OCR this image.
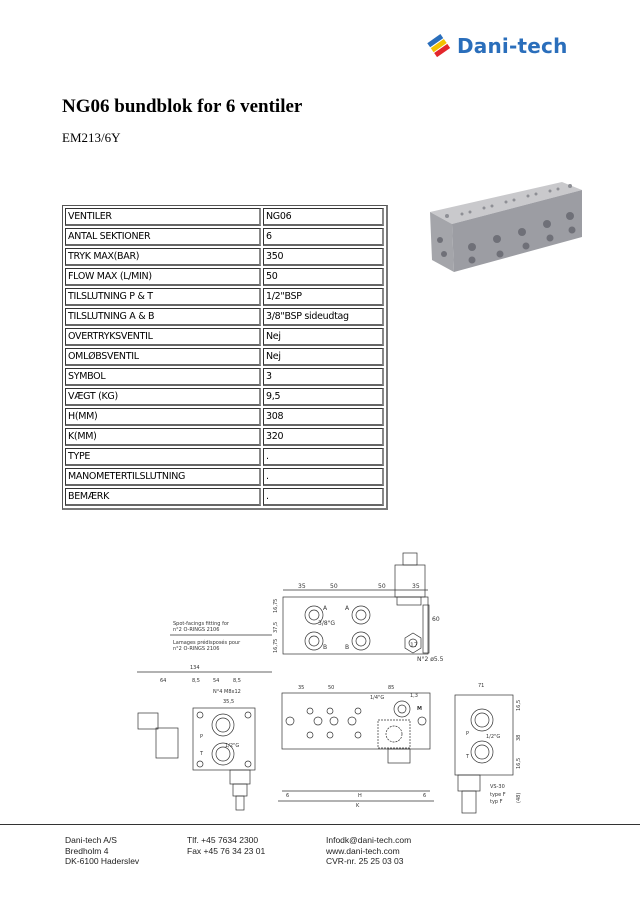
Dani-tech
NG06 bundblok for 6 ventiler
EM213/6Y
VENTILER	NG06
ANTAL SEKTIONER	6
TRYK MAX(BAR)	350
FLOW MAX (L/MIN)	50
TILSLUTNING P & T	1/2"BSP
TILSLUTNING A & B	3/8"BSP sideudtag
OVERTRYKSVENTIL	Nej
OMLØBSVENTIL	Nej
SYMBOL	3
VÆGT (KG)	9,5
H(MM)	308
K(MM)	320
TYPE	.
MANOMETERTILSLUTNING	.
BEMÆRK	.
35	50	50	35
3/8"G
A	A
B	B	17
60
N°2 ø5.5
16,75
37,5
16,75
Spot-facings fitting for
n°2 O-RINGS 2106
Lamages prédisposés pour
n°2 O-RINGS 2106
134
64	8,5	54	8,5
N°4 M8x12
35,5
1/2"G
P
T
35	50	85
1,3
1/4"G
M
H
K
6	6
71
P
T
1/2"G
VS-30
type F
typ F
16,5
38
16,5
(48)
Dani-tech A/S
Bredholm 4
DK-6100 Haderslev
Tlf. +45 7634 2300
Fax +45 76 34 23 01
Infodk@dani-tech.com
www.dani-tech.com
CVR-nr. 25 25 03 03
